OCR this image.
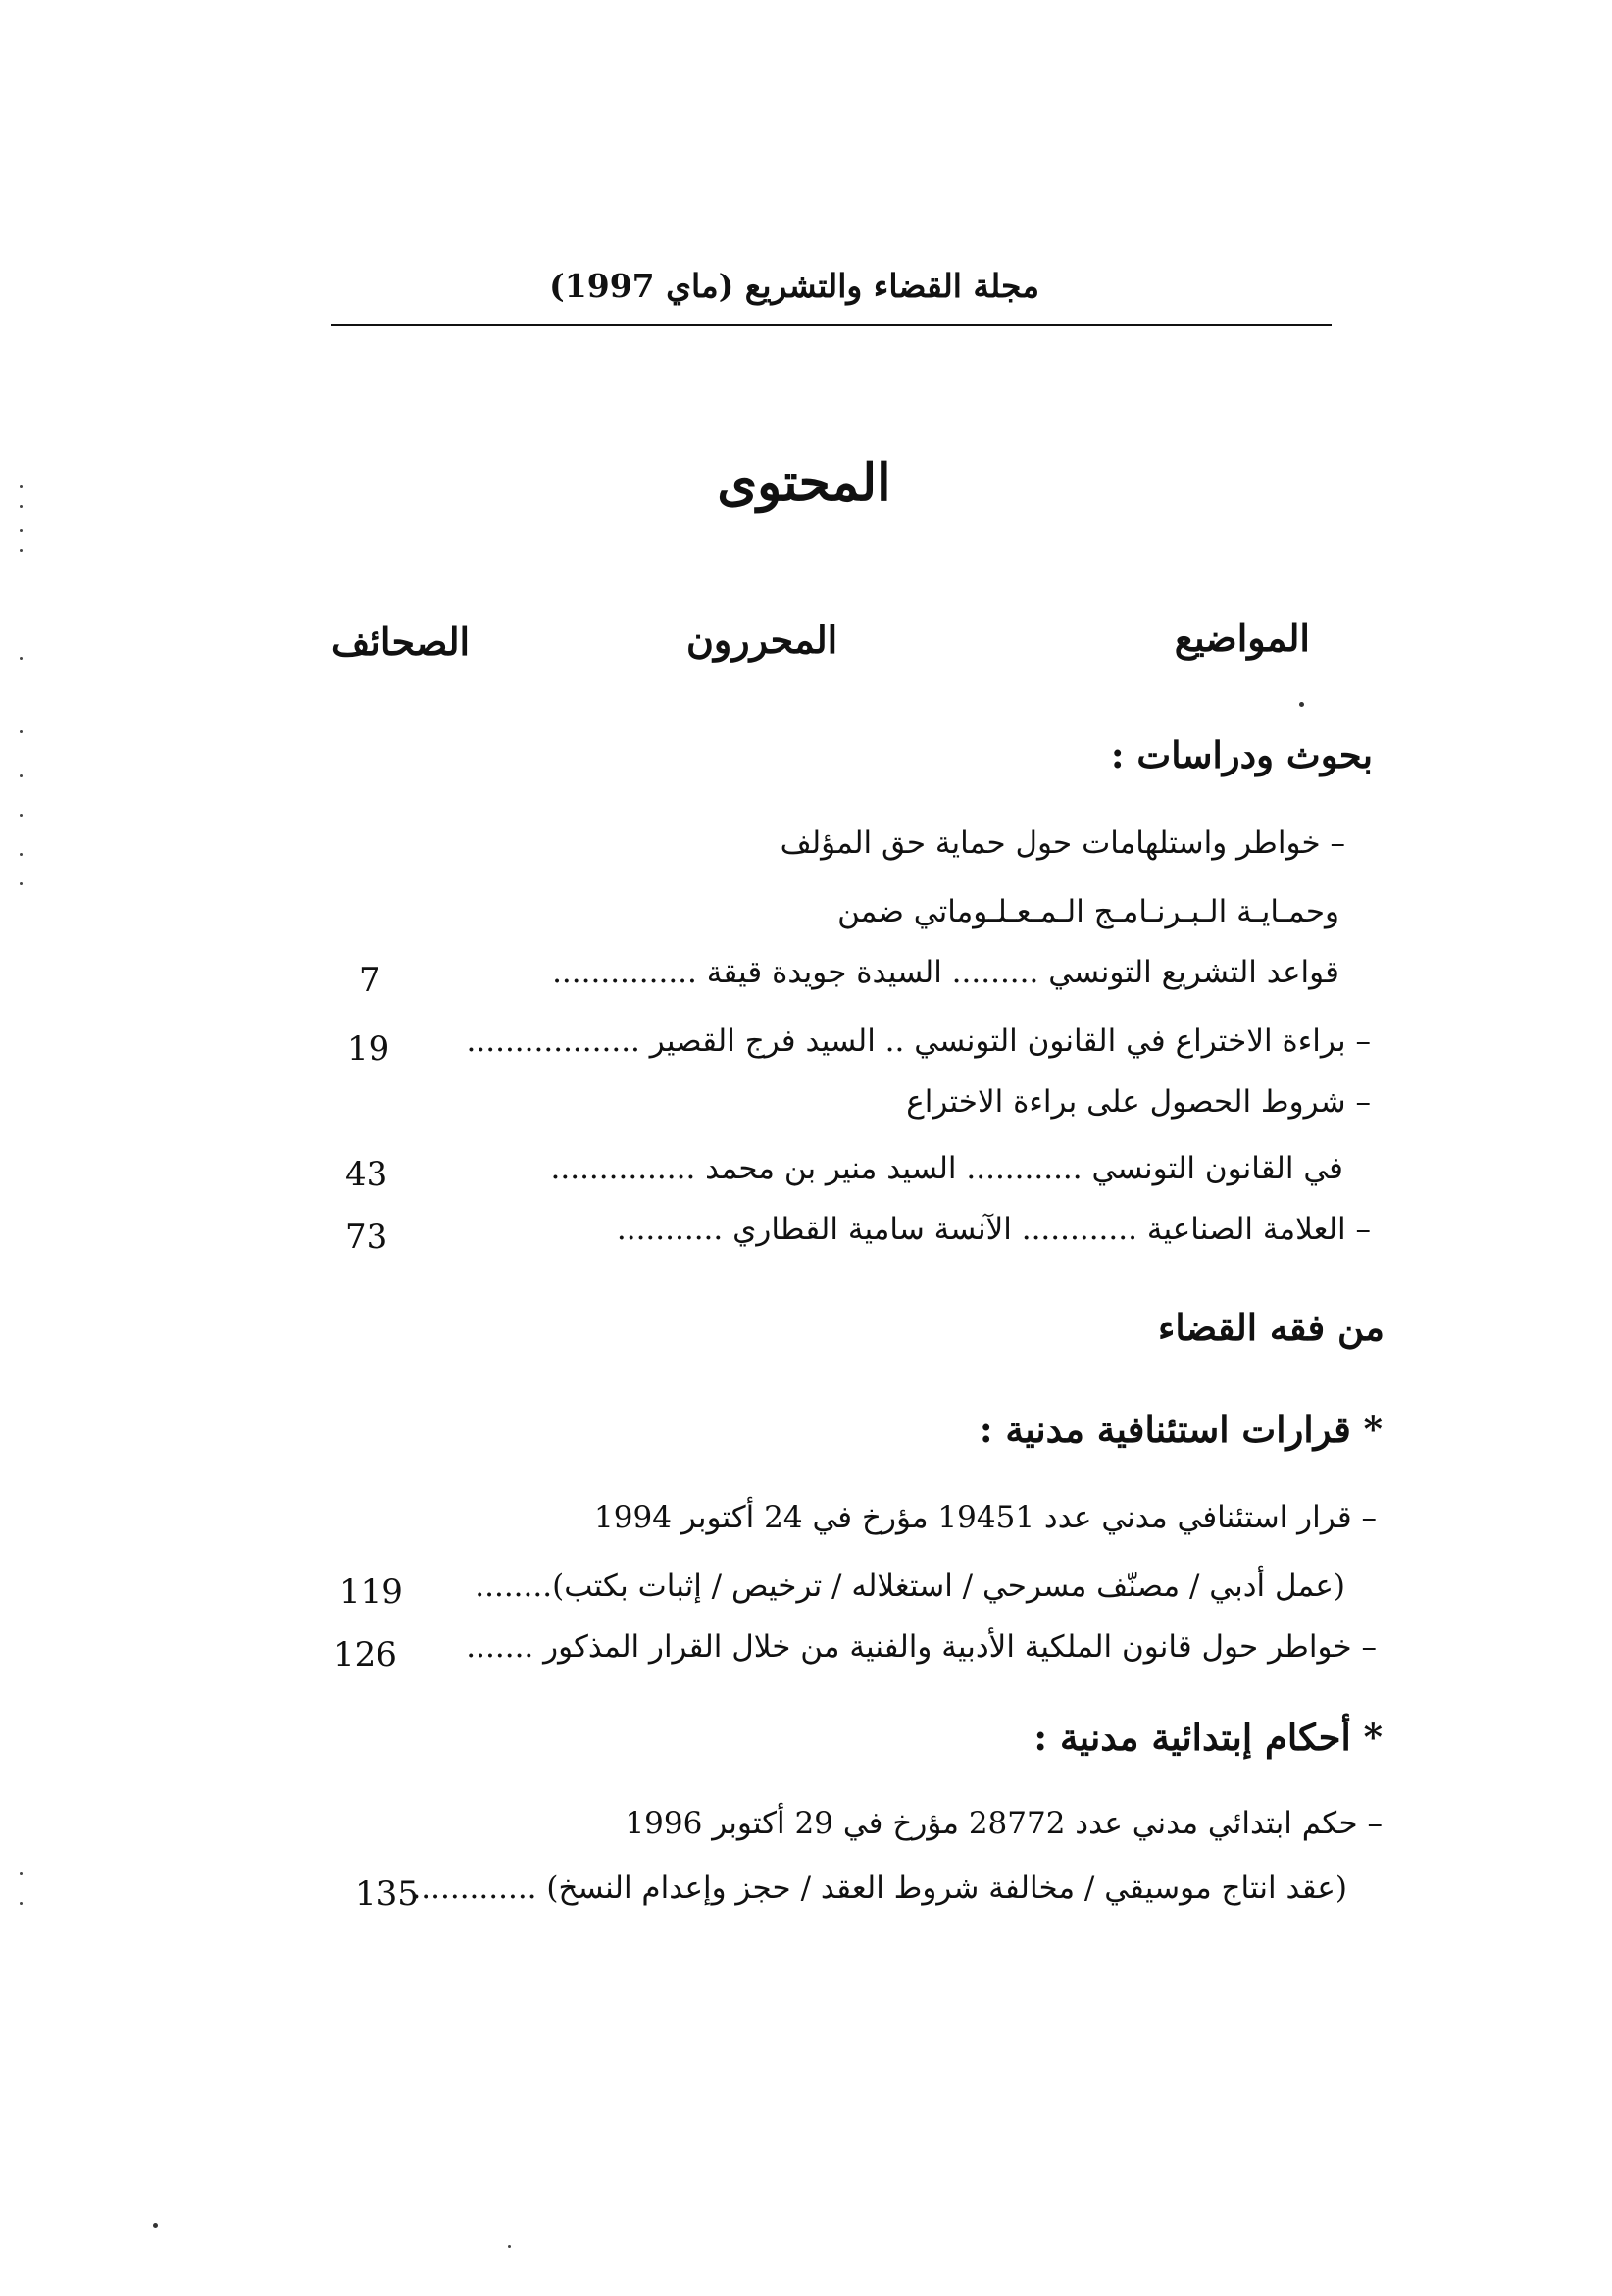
مجلة القضاء والتشريع (ماي 1997)
المحتوى
المواضيع
المحررون
الصحائف
بحوث ودراسات :
– خواطر واستلهامات حول حماية حق المؤلف
وحمـايـة الـبـرنـامـج الـمـعـلـوماتي ضمن
قواعد التشريع التونسي ......... السيدة جويدة قيقة ...............
7
– براءة الاختراع في القانون التونسي .. السيد فرج القصير ..................
19
– شروط الحصول على براءة الاختراع
في القانون التونسي ............ السيد منير بن محمد ...............
43
– العلامة الصناعية ............ الآنسة سامية القطاري ...........
73
من فقه القضاء
* قرارات استئنافية مدنية :
– قرار استئنافي مدني عدد 19451 مؤرخ في 24 أكتوبر 1994
(عمل أدبي / مصنّف مسرحي / استغلاله / ترخيص / إثبات بكتب)........
119
– خواطر حول قانون الملكية الأدبية والفنية من خلال القرار المذكور .......
126
* أحكام إبتدائية مدنية :
– حكم ابتدائي مدني عدد 28772 مؤرخ في 29 أكتوبر 1996
(عقد انتاج موسيقي / مخالفة شروط العقد / حجز وإعدام النسخ) .............
135
